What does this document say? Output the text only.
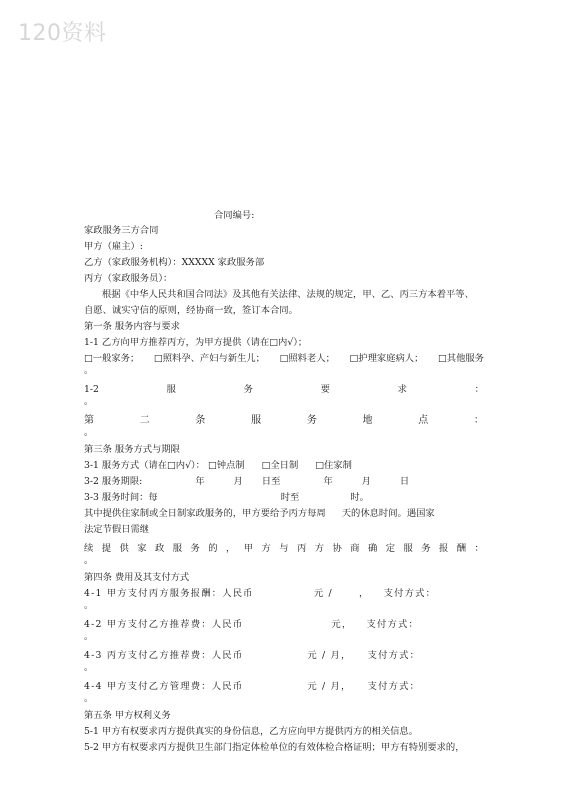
120资料
合同编号:
家政服务三方合同
甲方（雇主）:
乙方（家政服务机构）：XXXXX 家政服务部
丙方（家政服务员）：
根据《中华人民共和国合同法》及其他有关法律、法规的规定，甲、乙、丙三方本着平等、
自愿、诚实守信的原则，经协商一致，签订本合同。
第一条 服务内容与要求
1-1 乙方向甲方推荐丙方，为甲方提供（请在□内√）；
□一般家务； □照料孕、产妇与新生儿； □照料老人； □护理家庭病人； □其他服务
。
1-2	服	务	要	求	：
。
第	二	条	服	务	地	点	：
。
第三条 服务方式与期限
3-1 服务方式（请在□内√）： □钟点制 □全日制 □住家制
3-2 服务期限:	年	月 日至	年	月	日
3-3 服务时间：每	时至	时。
其中提供住家制或全日制家政服务的，甲方要给予丙方每周 天的休息时间。遇国家
法定节假日需继
续 提 供 家 政 服 务 的 ， 甲 方 与 丙 方 协 商 确 定 服 务 报 酬 ：
。
第四条 费用及其支付方式
4-1 甲方支付丙方服务报酬：人民币	元 /	， 支付方式：
。
4-2 甲方支付乙方推荐费：人民币	元， 支付方式：
。
4-3 丙方支付乙方推荐费：人民币	元 / 月， 支付方式：
。
4-4 甲方支付乙方管理费：人民币	元 / 月， 支付方式：
。
第五条 甲方权利义务
5-1 甲方有权要求丙方提供真实的身份信息，乙方应向甲方提供丙方的相关信息。
5-2 甲方有权要求丙方提供卫生部门指定体检单位的有效体检合格证明；甲方有特别要求的，
